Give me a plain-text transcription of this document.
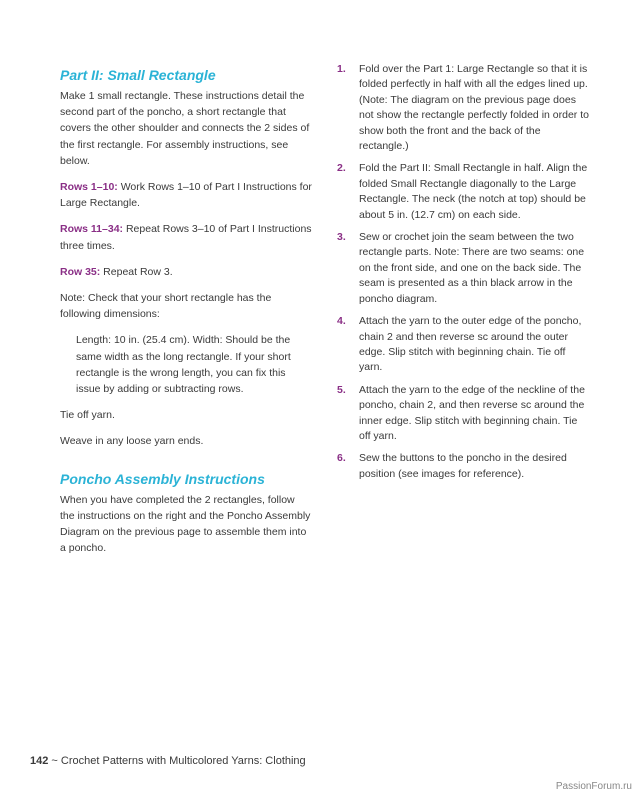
Part II: Small Rectangle

Make 1 small rectangle. These instructions detail the second part of the poncho, a short rectangle that covers the other shoulder and connects the 2 sides of the first rectangle. For assembly instructions, see below.

Rows 1–10: Work Rows 1–10 of Part I Instructions for Large Rectangle.

Rows 11–34: Repeat Rows 3–10 of Part I Instructions three times.

Row 35: Repeat Row 3.

Note: Check that your short rectangle has the following dimensions:

Length: 10 in. (25.4 cm). Width: Should be the same width as the long rectangle. If your short rectangle is the wrong length, you can fix this issue by adding or subtracting rows.

Tie off yarn.

Weave in any loose yarn ends.

Poncho Assembly Instructions

When you have completed the 2 rectangles, follow the instructions on the right and the Poncho Assembly Diagram on the previous page to assemble them into a poncho.

1. Fold over the Part 1: Large Rectangle so that it is folded perfectly in half with all the edges lined up. (Note: The diagram on the previous page does not show the rectangle perfectly folded in order to show both the front and the back of the rectangle.)
2. Fold the Part II: Small Rectangle in half. Align the folded Small Rectangle diagonally to the Large Rectangle. The neck (the notch at top) should be about 5 in. (12.7 cm) on each side.
3. Sew or crochet join the seam between the two rectangle parts. Note: There are two seams: one on the front side, and one on the back side. The seam is presented as a thin black arrow in the poncho diagram.
4. Attach the yarn to the outer edge of the poncho, chain 2 and then reverse sc around the outer edge. Slip stitch with beginning chain. Tie off yarn.
5. Attach the yarn to the edge of the neckline of the poncho, chain 2, and then reverse sc around the inner edge. Slip stitch with beginning chain. Tie off yarn.
6. Sew the buttons to the poncho in the desired position (see images for reference).
142 ~ Crochet Patterns with Multicolored Yarns: Clothing
PassionForum.ru
